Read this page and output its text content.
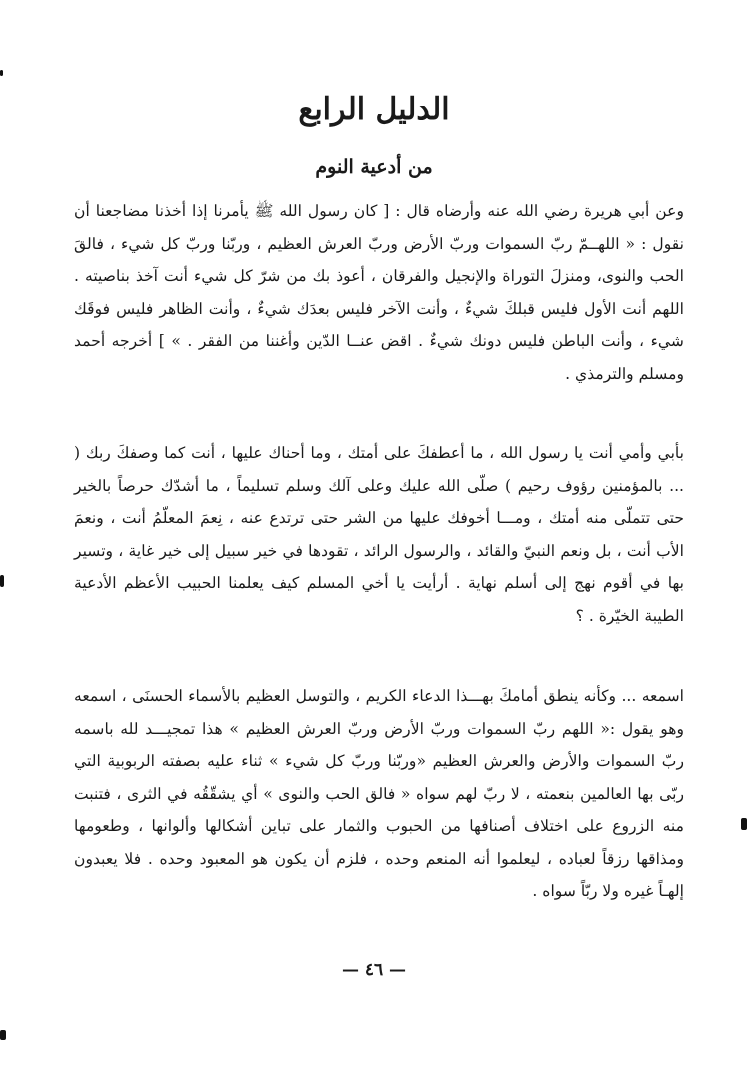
الدليل الرابع
من أدعية النوم

وعن أبي هريرة رضي الله عنه وأرضاه قال : [ كان رسول الله ﷺ يأمرنا إذا أخذنا مضاجعنا أن نقول : « اللهــمّ ربّ السموات وربّ الأرض وربّ العرش العظيم ، وربّنا وربّ كل شيء ، فالقَ الحب والنوى، ومنزلَ التوراة والإنجيل والفرقان ، أعوذ بك من شرّ كل شيء أنت آخذ بناصيته . اللهم أنت الأول فليس قبلكَ شيءٌ ، وأنت الآخر فليس بعدَك شيءٌ ، وأنت الظاهر فليس فوقَك شيء ، وأنت الباطن فليس دونك شيءٌ . اقض عنــا الدّين وأغننا من الفقر . » ] أخرجه أحمد ومسلم والترمذي .

بأبي وأمي أنت يا رسول الله ، ما أعطفكَ على أمتك ، وما أحناك عليها ، أنت كما وصفكَ ربك ( ... بالمؤمنين رؤوف رحيم ) صلّى الله عليك وعلى آلك وسلم تسليماً ، ما أشدّك حرصاً بالخير حتى تتملّى منه أمتك ، ومـــا أخوفك عليها من الشر حتى ترتدع عنه ، نِعمَ المعلّمُ أنت ، ونعمَ الأب أنت ، بل ونعم النبيّ والقائد ، والرسول الرائد ، تقودها في خير سبيل إلى خير غاية ، وتسير بها في أقوم نهج إلى أسلم نهاية . أرأيت يا أخي المسلم كيف يعلمنا الحبيب الأعظم الأدعية الطيبة الخيّرة . ؟

اسمعه ... وكأنه ينطق أمامكَ بهـــذا الدعاء الكريم ، والتوسل العظيم بالأسماء الحسنَى ، اسمعه وهو يقول :« اللهم ربّ السموات وربّ الأرض وربّ العرش العظيم » هذا تمجيـــد لله باسمه ربّ السموات والأرض والعرش العظيم «وربّنا وربّ كل شيء » ثناء عليه بصفته الربوبية التي ربّى بها العالمين بنعمته ، لا ربّ لهم سواه « فالق الحب والنوى » أي يشقّقُه في الثرى ، فتنبت منه الزروع على اختلاف أصنافها من الحبوب والثمار على تباين أشكالها وألوانها ، وطعومها ومذاقها رزقاً لعباده ، ليعلموا أنه المنعم وحده ، فلزم أن يكون هو المعبود وحده . فلا يعبدون إلهـاً غيره ولا ربّاً سواه .

— ٤٦ —
